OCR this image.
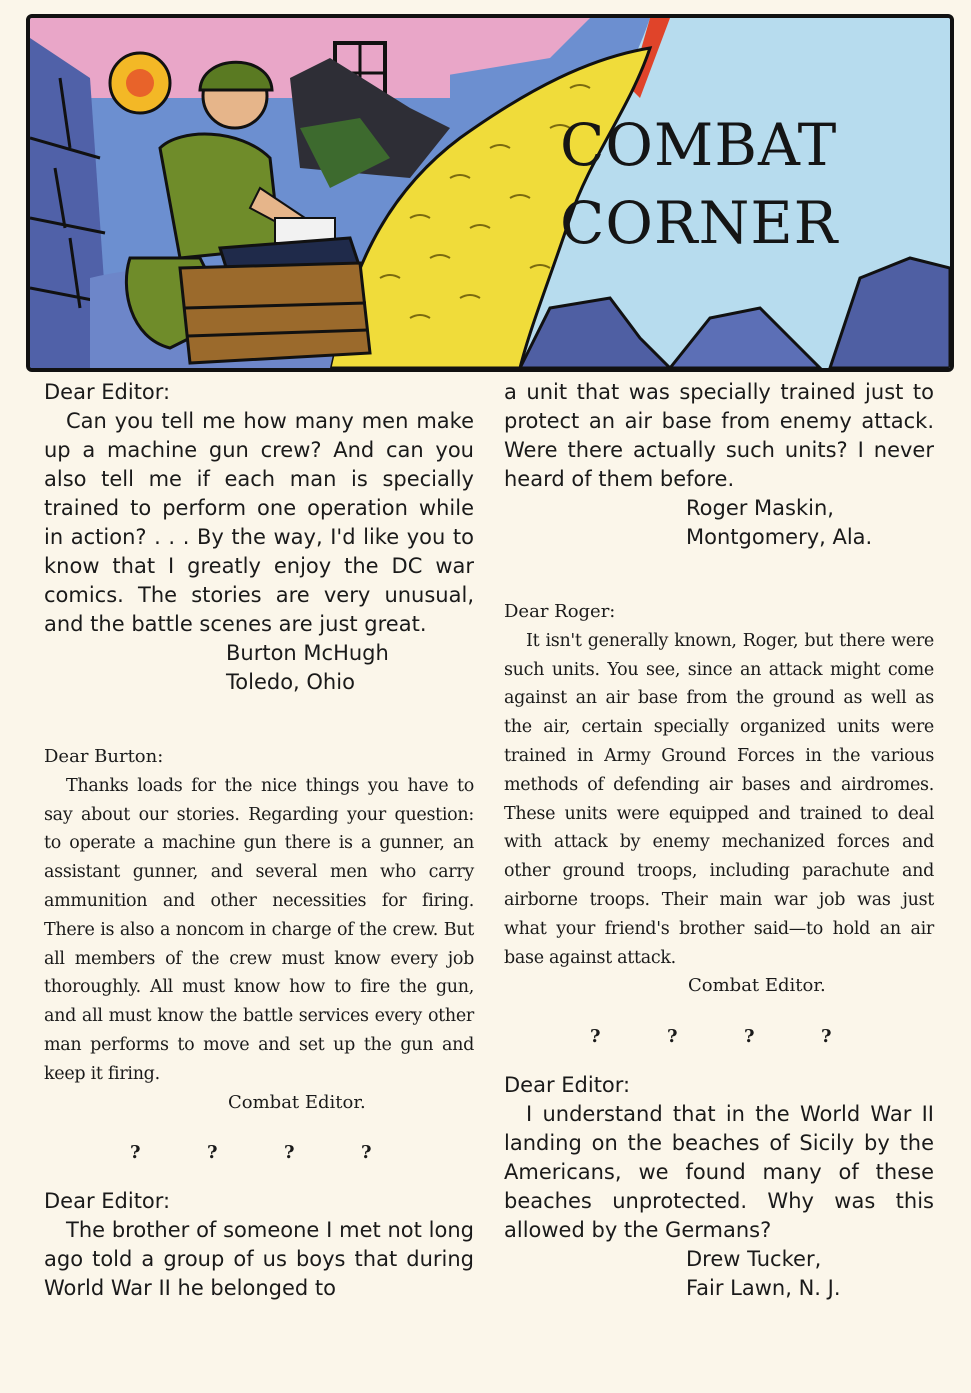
COMBAT
CORNER
Dear Editor:

Can you tell me how many men make up a machine gun crew? And can you also tell me if each man is specially trained to perform one operation while in action? . . . By the way, I'd like you to know that I greatly enjoy the DC war comics. The stories are very unusual, and the battle scenes are just great.

Burton McHugh
Toledo, Ohio
Dear Burton:

Thanks loads for the nice things you have to say about our stories. Regarding your question: to operate a machine gun there is a gunner, an assistant gunner, and several men who carry ammunition and other necessities for firing. There is also a noncom in charge of the crew. But all members of the crew must know every job thoroughly. All must know how to fire the gun, and all must know the battle services every other man performs to move and set up the gun and keep it firing.

Combat Editor.
?	?	?	?
Dear Editor:

The brother of someone I met not long ago told a group of us boys that during World War II he belonged to

a unit that was specially trained just to protect an air base from enemy attack. Were there actually such units? I never heard of them before.

Roger Maskin,
Montgomery, Ala.
Dear Roger:

It isn't generally known, Roger, but there were such units. You see, since an attack might come against an air base from the ground as well as the air, certain specially organized units were trained in Army Ground Forces in the various methods of defending air bases and airdromes. These units were equipped and trained to deal with attack by enemy mechanized forces and other ground troops, including parachute and airborne troops. Their main war job was just what your friend's brother said—to hold an air base against attack.

Combat Editor.
?	?	?	?
Dear Editor:

I understand that in the World War II landing on the beaches of Sicily by the Americans, we found many of these beaches unprotected. Why was this allowed by the Germans?

Drew Tucker,
Fair Lawn, N. J.
